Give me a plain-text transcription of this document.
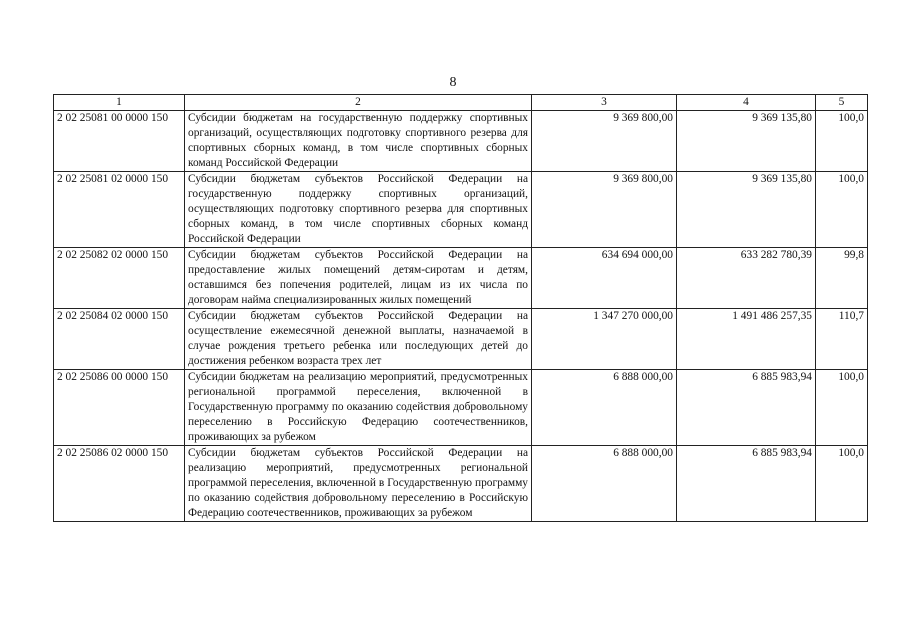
8
1	2	3	4	5
2 02 25081 00 0000 150	Субсидии бюджетам на государственную поддержку спортивных организаций, осуществляющих подготовку спортивного резерва для спортивных сборных команд, в том числе спортивных сборных команд Российской Федерации	9 369 800,00	9 369 135,80	100,0
2 02 25081 02 0000 150	Субсидии бюджетам субъектов Российской Федерации на государственную поддержку спортивных организаций, осуществляющих подготовку спортивного резерва для спортивных сборных команд, в том числе спортивных сборных команд Российской Федерации	9 369 800,00	9 369 135,80	100,0
2 02 25082 02 0000 150	Субсидии бюджетам субъектов Российской Федерации на предоставление жилых помещений детям-сиротам и детям, оставшимся без попечения родителей, лицам из их числа по договорам найма специализированных жилых помещений	634 694 000,00	633 282 780,39	99,8
2 02 25084 02 0000 150	Субсидии бюджетам субъектов Российской Федерации на осуществление ежемесячной денежной выплаты, назначаемой в случае рождения третьего ребенка или последующих детей до достижения ребенком возраста трех лет	1 347 270 000,00	1 491 486 257,35	110,7
2 02 25086 00 0000 150	Субсидии бюджетам на реализацию мероприятий, предусмотренных региональной программой переселения, включенной в Государственную программу по оказанию содействия добровольному переселению в Российскую Федерацию соотечественников, проживающих за рубежом	6 888 000,00	6 885 983,94	100,0
2 02 25086 02 0000 150	Субсидии бюджетам субъектов Российской Федерации на реализацию мероприятий, предусмотренных региональной программой переселения, включенной в Государственную программу по оказанию содействия добровольному переселению в Российскую Федерацию соотечественников, проживающих за рубежом	6 888 000,00	6 885 983,94	100,0
